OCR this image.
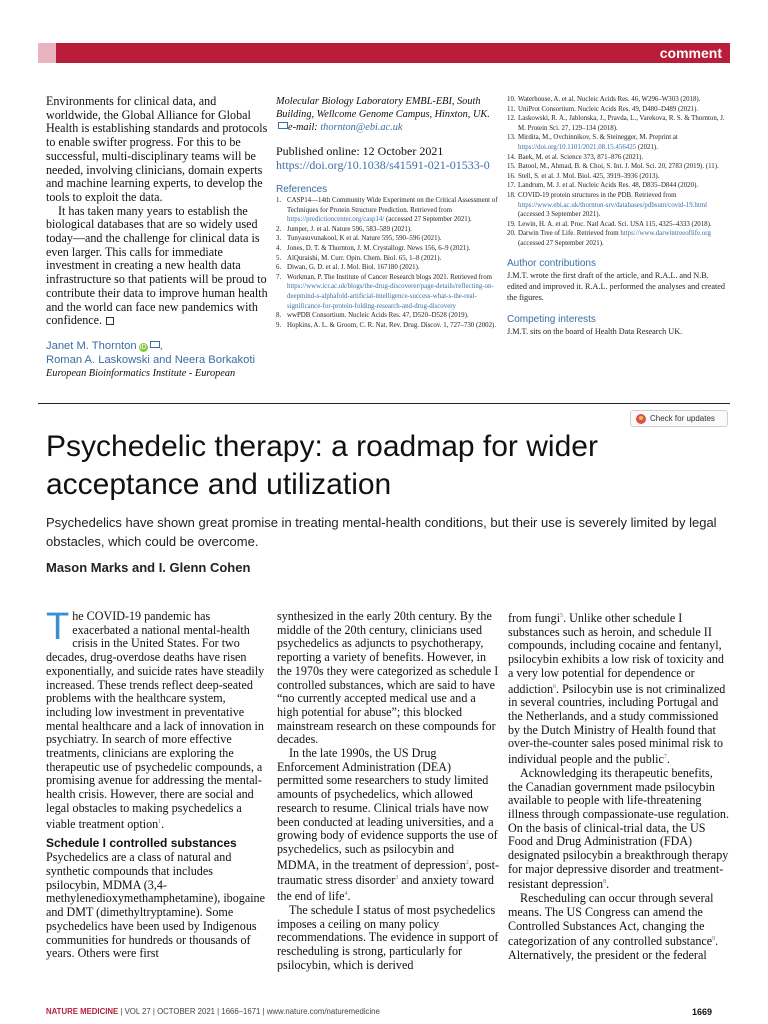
comment

Environments for clinical data, and worldwide, the Global Alliance for Global Health is establishing standards and protocols to enable swifter progress. For this to be successful, multi-disciplinary teams will be needed, involving clinicians, domain experts and machine learning experts, to develop the tools to exploit the data.

It has taken many years to establish the biological databases that are so widely used today—and the challenge for clinical data is even larger. This calls for immediate investment in creating a new health data infrastructure so that patients will be proud to contribute their data to improve human health and the world can face new pandemics with confidence.

Janet M. Thornton iD ,
Roman A. Laskowski and Neera Borkakoti
European Bioinformatics Institute - European

Molecular Biology Laboratory EMBL-EBI, South Building, Wellcome Genome Campus, Hinxton, UK.
e-mail: thornton@ebi.ac.uk

Published online: 12 October 2021
https://doi.org/10.1038/s41591-021-01533-0
References
1. CASP14—14th Community Wide Experiment on the Critical Assessment of Techniques for Protein Structure Prediction. Retrieved from https://predictioncenter.org/casp14/ (accessed 27 September 2021).
2. Jumper, J. et al. Nature 596, 583–589 (2021).
3. Tunyasuvunakool, K et al. Nature 595, 590–596 (2021).
4. Jones, D. T. & Thornton, J. M. Crystallogr. News 156, 6–9 (2021).
5. AlQuraishi, M. Curr. Opin. Chem. Biol. 65, 1–8 (2021).
6. Diwan, G. D. et al. J. Mol. Biol. 167180 (2021).
7. Workman, P. The Institute of Cancer Research blogs 2021. Retrieved from https://www.icr.ac.uk/blogs/the-drug-discoverer/page-details/reflecting-on-deepmind-s-alphafold-artificial-intelligence-success-what-s-the-real-significance-for-protein-folding-research-and-drug-discovery
8. wwPDB Consortium. Nucleic Acids Res. 47, D520–D528 (2019).
9. Hopkins, A. L. & Groom, C. R. Nat. Rev. Drug. Discov. 1, 727–730 (2002).
10. Waterhouse, A. et al. Nucleic Acids Res. 46, W296–W303 (2018).
11. UniProt Consortium. Nucleic Acids Res. 49, D480–D489 (2021).
12. Laskowski, R. A., Jablonska, J., Pravda, L., Varekova, R. S. & Thornton, J. M. Protein Sci. 27, 129–134 (2018).
13. Mirdita, M., Ovchinnikov, S. & Steinegger, M. Preprint at https://doi.org/10.1101/2021.08.15.456425 (2021).
14. Baek, M. et al. Science 373, 871–876 (2021).
15. Batool, M., Ahmad, B. & Choi, S. Int. J. Mol. Sci. 20, 2783 (2019). (11).
16. Stell, S. et al. J. Mol. Biol. 425, 3919–3936 (2013).
17. Landrum, M. J. et al. Nucleic Acids Res. 48, D835–D844 (2020).
18. COVID-19 protein structures in the PDB. Retrieved from https://www.ebi.ac.uk/thornton-srv/databases/pdbsum/covid-19.html (accessed 3 September 2021).
19. Lewin, H. A. et al. Proc. Natl Acad. Sci. USA 115, 4325–4333 (2018).
20. Darwin Tree of Life. Retrieved from https://www.darwintreeoflife.org (accessed 27 September 2021).
Author contributions

J.M.T. wrote the first draft of the article, and R.A.L. and N.B. edited and improved it. R.A.L. performed the analyses and created the figures.

Competing interests

J.M.T. sits on the board of Health Data Research UK.

Check for updates
Psychedelic therapy: a roadmap for wider acceptance and utilization

Psychedelics have shown great promise in treating mental-health conditions, but their use is severely limited by legal obstacles, which could be overcome.

Mason Marks and I. Glenn Cohen

The COVID-19 pandemic has exacerbated a national mental-health crisis in the United States. For two decades, drug-overdose deaths have risen exponentially, and suicide rates have steadily increased. These trends reflect deep-seated problems with the healthcare system, including low investment in preventative mental healthcare and a lack of innovation in psychiatry. In search of more effective treatments, clinicians are exploring the therapeutic use of psychedelic compounds, a promising avenue for addressing the mental-health crisis. However, there are social and legal obstacles to making psychedelics a viable treatment option$^1$.

Schedule I controlled substances

Psychedelics are a class of natural and synthetic compounds that includes psilocybin, MDMA (3,4-methylenedioxymethamphetamine), ibogaine and DMT (dimethyltryptamine). Some psychedelics have been used by Indigenous communities for hundreds or thousands of years. Others were first

synthesized in the early 20th century. By the middle of the 20th century, clinicians used psychedelics as adjuncts to psychotherapy, reporting a variety of benefits. However, in the 1970s they were categorized as schedule I controlled substances, which are said to have “no currently accepted medical use and a high potential for abuse”; this blocked mainstream research on these compounds for decades.

In the late 1990s, the US Drug Enforcement Administration (DEA) permitted some researchers to study limited amounts of psychedelics, which allowed research to resume. Clinical trials have now been conducted at leading universities, and a growing body of evidence supports the use of psychedelics, such as psilocybin and MDMA, in the treatment of depression$^2$, post-traumatic stress disorder$^3$ and anxiety toward the end of life$^4$.

The schedule I status of most psychedelics imposes a ceiling on many policy recommendations. The evidence in support of rescheduling is strong, particularly for psilocybin, which is derived

from fungi$^5$. Unlike other schedule I substances such as heroin, and schedule II compounds, including cocaine and fentanyl, psilocybin exhibits a low risk of toxicity and a very low potential for dependence or addiction$^6$. Psilocybin use is not criminalized in several countries, including Portugal and the Netherlands, and a study commissioned by the Dutch Ministry of Health found that over-the-counter sales posed minimal risk to individual people and the public$^7$.

Acknowledging its therapeutic benefits, the Canadian government made psilocybin available to people with life-threatening illness through compassionate-use regulation. On the basis of clinical-trial data, the US Food and Drug Administration (FDA) designated psilocybin a breakthrough therapy for major depressive disorder and treatment-resistant depression$^8$.

Rescheduling can occur through several means. The US Congress can amend the Controlled Substances Act, changing the categorization of any controlled substance$^9$. Alternatively, the president or the federal

NATURE MEDICINE | VOL 27 | OCTOBER 2021 | 1666–1671 | www.nature.com/naturemedicine	1669
